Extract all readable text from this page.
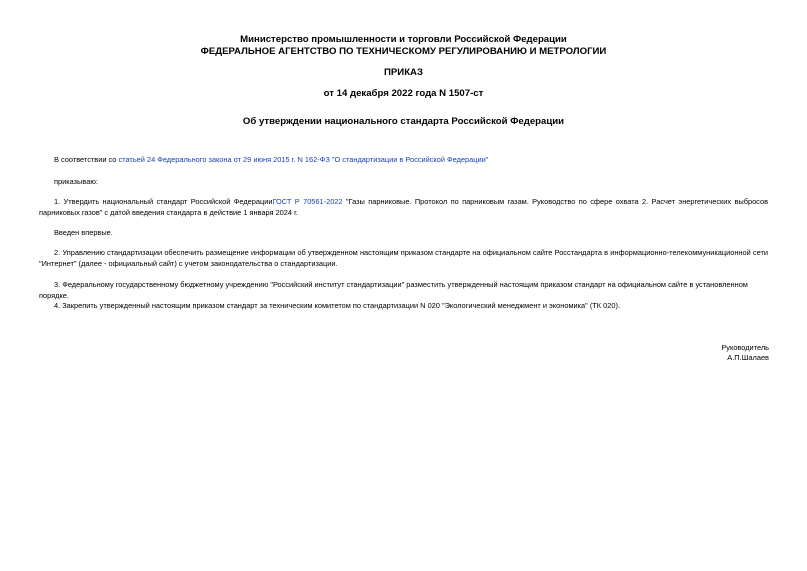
Министерство промышленности и торговли Российской Федерации
ФЕДЕРАЛЬНОЕ АГЕНТСТВО ПО ТЕХНИЧЕСКОМУ РЕГУЛИРОВАНИЮ И МЕТРОЛОГИИ
ПРИКАЗ
от 14 декабря 2022 года N 1507-ст
Об утверждении национального стандарта Российской Федерации
В соответствии со статьей 24 Федерального закона от 29 июня 2015 г. N 162-ФЗ "О стандартизации в Российской Федерации"
приказываю:
1. Утвердить национальный стандарт Российской ФедерацииГОСТ Р 70561-2022 "Газы парниковые. Протокол по парниковым газам. Руководство по сфере охвата 2. Расчет энергетических выбросов парниковых газов" с датой введения стандарта в действие 1 января 2024 г.
Введен впервые.
2. Управлению стандартизации обеспечить размещение информации об утвержденном настоящим приказом стандарте на официальном сайте Росстандарта в информационно-телекоммуникационной сети "Интернет" (далее - официальный сайт) с учетом законодательства о стандартизации.
3. Федеральному государственному бюджетному учреждению "Российский институт стандартизации" разместить утвержденный настоящим приказом стандарт на официальном сайте в установленном порядке.
4. Закрепить утвержденный настоящим приказом стандарт за техническим комитетом по стандартизации N 020 "Экологический менеджмент и экономика" (ТК 020).
Руководитель
А.П.Шалаев
